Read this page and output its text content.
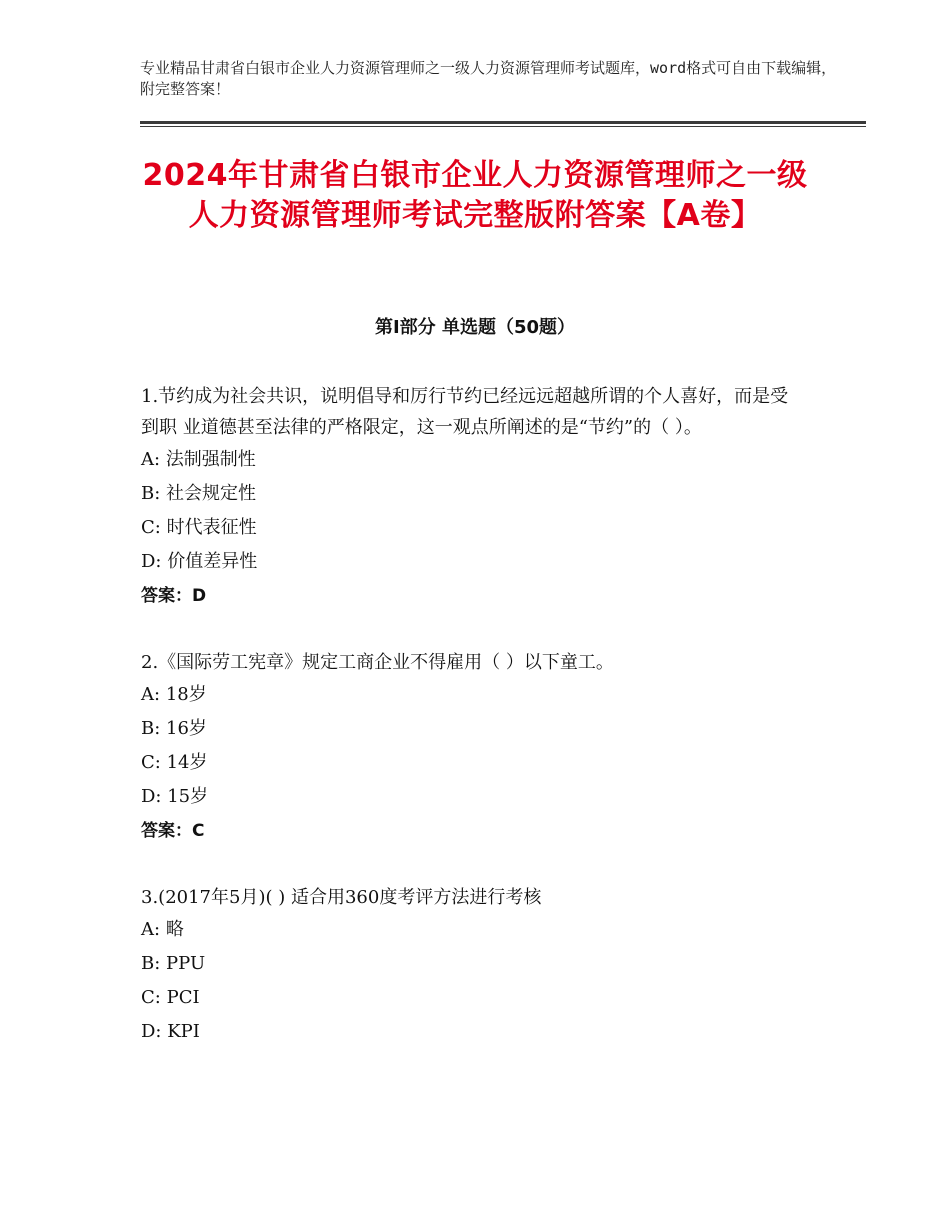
专业精品甘肃省白银市企业人力资源管理师之一级人力资源管理师考试题库，word格式可自由下载编辑，附完整答案！
2024年甘肃省白银市企业人力资源管理师之一级人力资源管理师考试完整版附答案【A卷】
第Ⅰ部分 单选题（50题）

1.节约成为社会共识，说明倡导和厉行节约已经远远超越所谓的个人喜好，而是受到职 业道德甚至法律的严格限定，这一观点所阐述的是“节约”的（ ）。

A: 法制强制性

B: 社会规定性

C: 时代表征性

D: 价值差异性

答案：D

2.《国际劳工宪章》规定工商企业不得雇用（ ）以下童工。

A: 18岁

B: 16岁

C: 14岁

D: 15岁

答案：C

3.(2017年5月)( ) 适合用360度考评方法进行考核

A: 略

B: PPU

C: PCI

D: KPI
